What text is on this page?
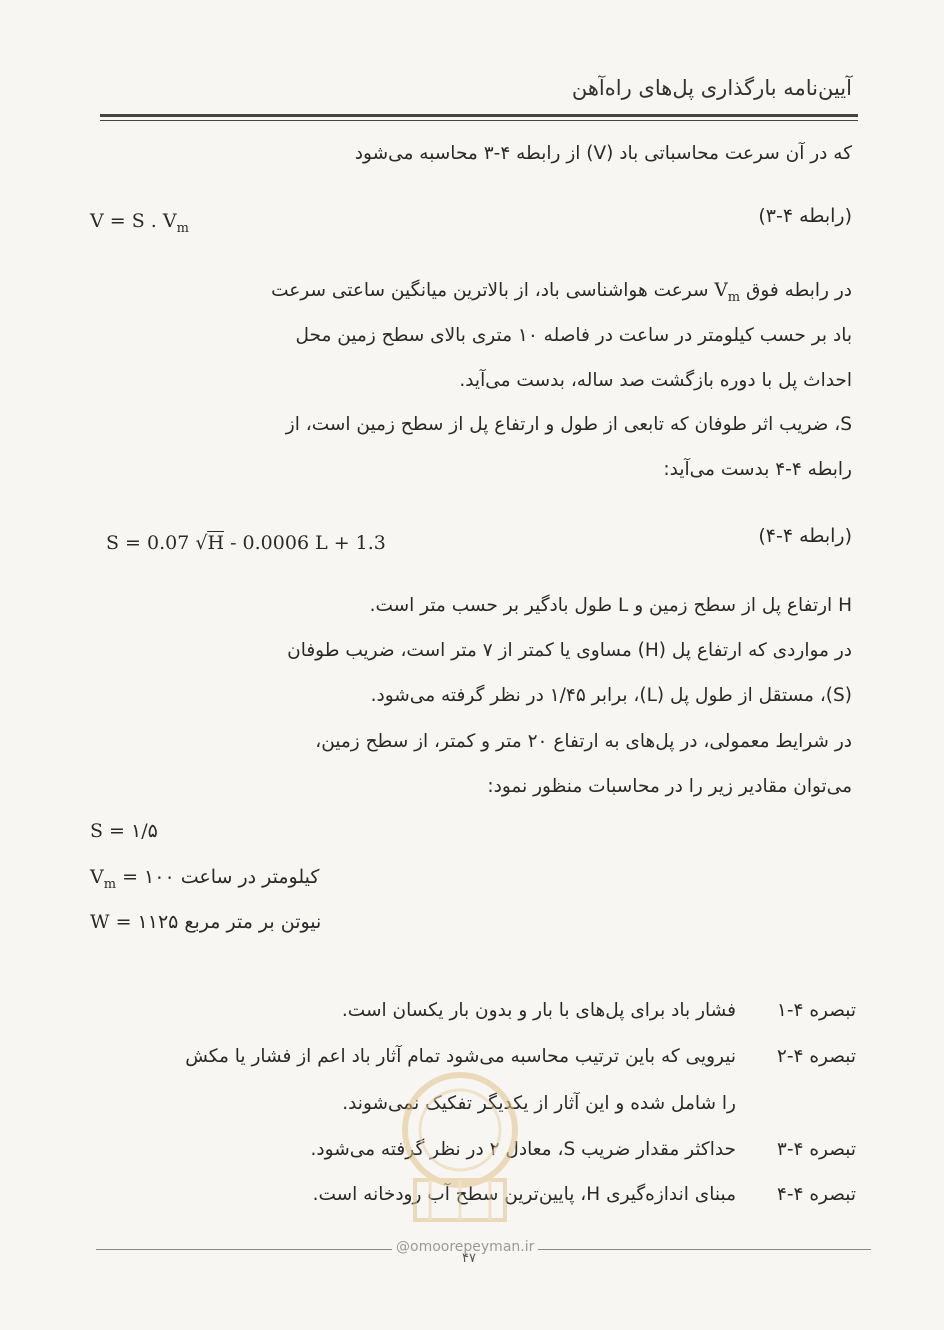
آیین‌نامه بارگذاری پل‌های راه‌آهن
که در آن سرعت محاسباتی باد (V) از رابطه ۴-۳ محاسبه می‌شود
(رابطه ۴-۳)
V = S . $V_m$
در رابطه فوق $V_m$ سرعت هواشناسی باد، از بالاترین میانگین ساعتی سرعت
باد بر حسب کیلومتر در ساعت در فاصله ۱۰ متری بالای سطح زمین محل
احداث پل با دوره بازگشت صد ساله، بدست می‌آید.
S، ضریب اثر طوفان که تابعی از طول و ارتفاع پل از سطح زمین است، از
رابطه ۴-۴ بدست می‌آید:
(رابطه ۴-۴)
S = 0.07 √H - 0.0006 L + 1.3
H ارتفاع پل از سطح زمین و L طول بادگیر بر حسب متر است.
در مواردی که ارتفاع پل (H) مساوی یا کمتر از ۷ متر است، ضریب طوفان
(S)، مستقل از طول پل (L)، برابر ۱/۴۵ در نظر گرفته می‌شود.
در شرایط معمولی، در پل‌های به ارتفاع ۲۰ متر و کمتر، از سطح زمین،
می‌توان مقادیر زیر را در محاسبات منظور نمود:
S = ۱/۵
$V_m$ = ۱۰۰ کیلومتر در ساعت
W = ۱۱۲۵ نیوتن بر متر مربع
تبصره ۴-۱فشار باد برای پل‌های با بار و بدون بار یکسان است.
تبصره ۴-۲نیرویی که باین ترتیب محاسبه می‌شود تمام آثار باد اعم از فشار یا مکش
را شامل شده و این آثار از یکدیگر تفکیک نمی‌شوند.
تبصره ۴-۳حداکثر مقدار ضریب S، معادل ۲ در نظر گرفته می‌شود.
تبصره ۴-۴مبنای اندازه‌گیری H، پایین‌ترین سطح آب رودخانه است.
@omoorepeyman.ir
۴۷
